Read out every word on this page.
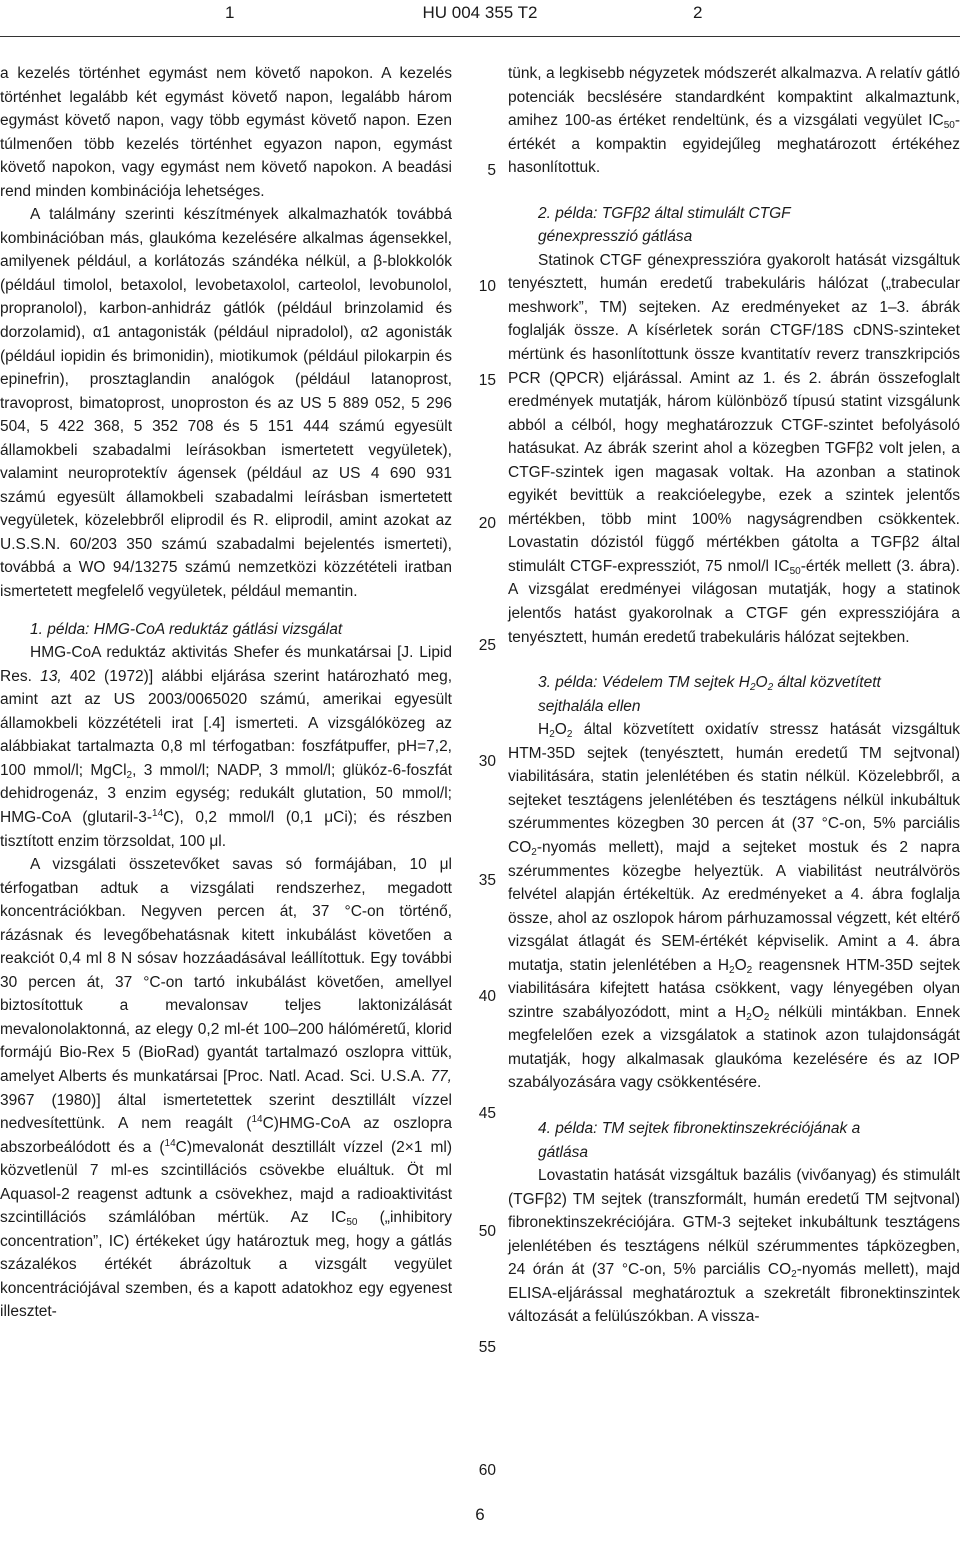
1	HU 004 355 T2	2

a kezelés történhet egymást nem követő napokon. A kezelés történhet legalább két egymást követő napon, legalább három egymást követő napon, vagy több egymást követő napon. Ezen túlmenően több kezelés történhet egyazon napon, egymást követő napokon, vagy egymást nem követő napokon. A beadási rend minden kombinációja lehetséges.

A találmány szerinti készítmények alkalmazhatók továbbá kombinációban más, glaukóma kezelésére alkalmas ágensekkel, amilyenek például, a korlátozás szándéka nélkül, a β-blokkolók (például timolol, betaxolol, levobetaxolol, carteolol, levobunolol, propranolol), karbon-anhidráz gátlók (például brinzolamid és dorzolamid), α1 antagonisták (például nipradolol), α2 agonisták (például iopidin és brimonidin), miotikumok (például pilokarpin és epinefrin), prosztaglandin analógok (például latanoprost, travoprost, bimatoprost, unoproston és az US 5 889 052, 5 296 504, 5 422 368, 5 352 708 és 5 151 444 számú egyesült államokbeli szabadalmi leírásokban ismertetett vegyületek), valamint neuroprotektív ágensek (például az US 4 690 931 számú egyesült államokbeli szabadalmi leírásban ismertetett vegyületek, közelebbről eliprodil és R. eliprodil, amint azokat az U.S.S.N. 60/203 350 számú szabadalmi bejelentés ismerteti), továbbá a WO 94/13275 számú nemzetközi közzétételi iratban ismertetett megfelelő vegyületek, például memantin.

1. példa: HMG-CoA reduktáz gátlási vizsgálat

HMG-CoA reduktáz aktivitás Shefer és munkatársai [J. Lipid Res. 13, 402 (1972)] alábbi eljárása szerint határozható meg, amint azt az US 2003/0065020 számú, amerikai egyesült államokbeli közzétételi irat [.4] ismerteti. A vizsgálóközeg az alábbiakat tartalmazta 0,8 ml térfogatban: foszfátpuffer, pH=7,2, 100 mmol/l; MgCl$_2$, 3 mmol/l; NADP, 3 mmol/l; glükóz-6-foszfát dehidrogenáz, 3 enzim egység; redukált glutation, 50 mmol/l; HMG-CoA (glutaril-3-$^{14}$C), 0,2 mmol/l (0,1 μCi); és részben tisztított enzim törzsoldat, 100 μl.

A vizsgálati összetevőket savas só formájában, 10 μl térfogatban adtuk a vizsgálati rendszerhez, megadott koncentrációkban. Negyven percen át, 37 °C-on történő, rázásnak és levegőbehatásnak kitett inkubálást követően a reakciót 0,4 ml 8 N sósav hozzáadásával leállítottuk. Egy további 30 percen át, 37 °C-on tartó inkubálást követően, amellyel biztosítottuk a mevalonsav teljes laktonizálását mevalonolaktonná, az elegy 0,2 ml-ét 100–200 hálóméretű, klorid formájú Bio-Rex 5 (BioRad) gyantát tartalmazó oszlopra vittük, amelyet Alberts és munkatársai [Proc. Natl. Acad. Sci. U.S.A. 77, 3967 (1980)] által ismertetettek szerint desztillált vízzel nedvesítettünk. A nem reagált ($^{14}$C)HMG-CoA az oszlopra abszorbeálódott és a ($^{14}$C)mevalonát desztillált vízzel (2×1 ml) közvetlenül 7 ml-es szcintillációs csövekbe eluáltuk. Öt ml Aquasol-2 reagenst adtunk a csövekhez, majd a radioaktivitást szcintillációs számlálóban mértük. Az $IC_{50}$ („inhibitory concentration”, IC) értékeket úgy határoztuk meg, hogy a gátlás százalékos értékét ábrázoltuk a vizsgált vegyület koncentrációjával szemben, és a kapott adatokhoz egy egyenest illesztet-

5
10
15
20
25
30
35
40
45
50
55
60

tünk, a legkisebb négyzetek módszerét alkalmazva. A relatív gátló potenciák becslésére standardként kompaktint alkalmaztunk, amihez 100-as értéket rendeltünk, és a vizsgálati vegyület $IC_{50}$-értékét a kompaktin egyidejűleg meghatározott értékéhez hasonlítottuk.

2. példa: TGFβ2 által stimulált CTGF
génexpresszió gátlása

Statinok CTGF génexpresszióra gyakorolt hatását vizsgáltuk tenyésztett, humán eredetű trabekuláris hálózat („trabecular meshwork”, TM) sejteken. Az eredményeket az 1–3. ábrák foglalják össze. A kísérletek során CTGF/18S cDNS-szinteket mértünk és hasonlítottunk össze kvantitatív reverz transzkripciós PCR (QPCR) eljárással. Amint az 1. és 2. ábrán összefoglalt eredmények mutatják, három különböző típusú statint vizsgálunk abból a célból, hogy meghatározzuk CTGF-szintet befolyásoló hatásukat. Az ábrák szerint ahol a közegben TGFβ2 volt jelen, a CTGF-szintek igen magasak voltak. Ha azonban a statinok egyikét bevittük a reakcióelegybe, ezek a szintek jelentős mértékben, több mint 100% nagyságrendben csökkentek. Lovastatin dózistól függő mértékben gátolta a TGFβ2 által stimulált CTGF-expressziót, 75 nmol/l $IC_{50}$-érték mellett (3. ábra). A vizsgálat eredményei világosan mutatják, hogy a statinok jelentős hatást gyakorolnak a CTGF gén expressziójára a tenyésztett, humán eredetű trabekuláris hálózat sejtekben.

3. példa: Védelem TM sejtek $H_2O_2$ által közvetített
sejthalála ellen

$H_2O_2$ által közvetített oxidatív stressz hatását vizsgáltuk HTM-35D sejtek (tenyésztett, humán eredetű TM sejtvonal) viabilitására, statin jelenlétében és statin nélkül. Közelebbről, a sejteket tesztágens jelenlétében és tesztágens nélkül inkubáltuk szérummentes közegben 30 percen át (37 °C-on, 5% parciális $CO_2$-nyomás mellett), majd a sejteket mostuk és 2 napra szérummentes közegbe helyeztük. A viabilitást neutrálvörös felvétel alapján értékeltük. Az eredményeket a 4. ábra foglalja össze, ahol az oszlopok három párhuzamossal végzett, két eltérő vizsgálat átlagát és SEM-értékét képviselik. Amint a 4. ábra mutatja, statin jelenlétében a $H_2O_2$ reagensnek HTM-35D sejtek viabilitására kifejtett hatása csökkent, vagy lényegében olyan szintre szabályozódott, mint a $H_2O_2$ nélküli mintákban. Ennek megfelelően ezek a vizsgálatok a statinok azon tulajdonságát mutatják, hogy alkalmasak glaukóma kezelésére és az IOP szabályozására vagy csökkentésére.

4. példa: TM sejtek fibronektinszekréciójának a
gátlása

Lovastatin hatását vizsgáltuk bazális (vivőanyag) és stimulált (TGFβ2) TM sejtek (transzformált, humán eredetű TM sejtvonal) fibronektinszekréciójára. GTM-3 sejteket inkubáltunk tesztágens jelenlétében és tesztágens nélkül szérummentes tápközegben, 24 órán át (37 °C-on, 5% parciális $CO_2$-nyomás mellett), majd ELISA-eljárással meghatároztuk a szekretált fibronektinszintek változását a felülúszókban. A vissza-

6
